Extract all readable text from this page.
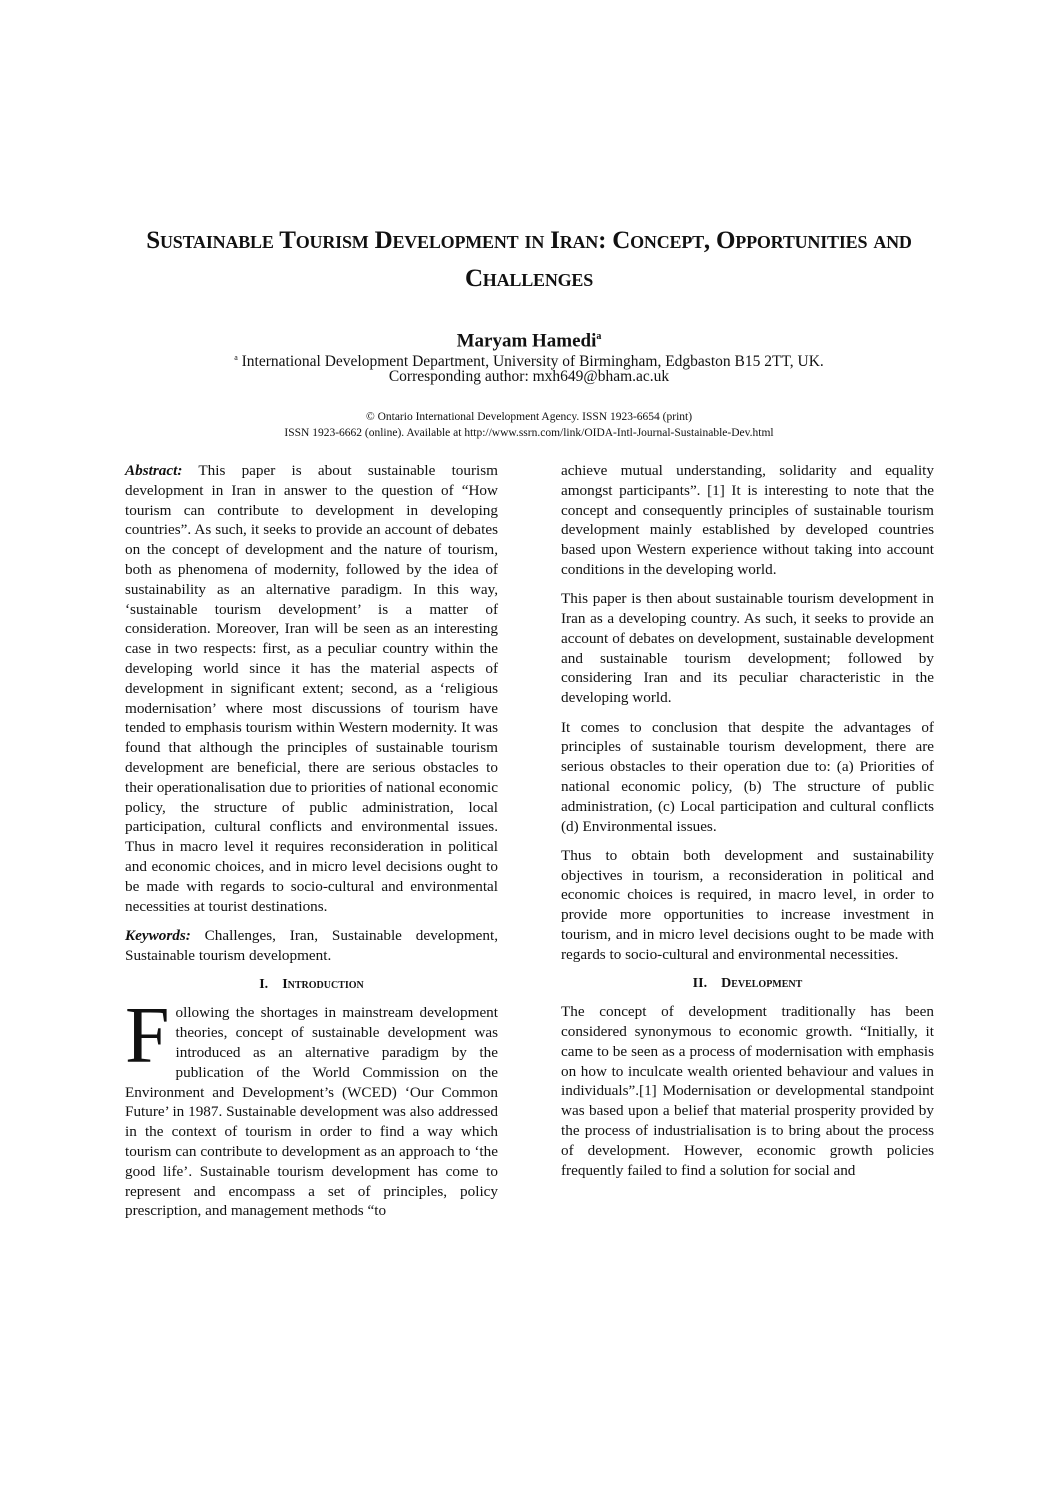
Sustainable Tourism Development in Iran: Concept, Opportunities and Challenges
Maryam Hamedi$^a$
$^a$ International Development Department, University of Birmingham, Edgbaston B15 2TT, UK.
Corresponding author: mxh649@bham.ac.uk
© Ontario International Development Agency. ISSN 1923-6654 (print)
ISSN 1923-6662 (online). Available at http://www.ssrn.com/link/OIDA-Intl-Journal-Sustainable-Dev.html

Abstract: This paper is about sustainable tourism development in Iran in answer to the question of “How tourism can contribute to development in developing countries”. As such, it seeks to provide an account of debates on the concept of development and the nature of tourism, both as phenomena of modernity, followed by the idea of sustainability as an alternative paradigm. In this way, ‘sustainable tourism development’ is a matter of consideration. Moreover, Iran will be seen as an interesting case in two respects: first, as a peculiar country within the developing world since it has the material aspects of development in significant extent; second, as a ‘religious modernisation’ where most discussions of tourism have tended to emphasis tourism within Western modernity. It was found that although the principles of sustainable tourism development are beneficial, there are serious obstacles to their operationalisation due to priorities of national economic policy, the structure of public administration, local participation, cultural conflicts and environmental issues. Thus in macro level it requires reconsideration in political and economic choices, and in micro level decisions ought to be made with regards to socio-cultural and environmental necessities at tourist destinations.

Keywords: Challenges, Iran, Sustainable development, Sustainable tourism development.

I. Introduction

Following the shortages in mainstream development theories, concept of sustainable development was introduced as an alternative paradigm by the publication of the World Commission on the Environment and Development’s (WCED) ‘Our Common Future’ in 1987. Sustainable development was also addressed in the context of tourism in order to find a way which tourism can contribute to development as an approach to ‘the good life’. Sustainable tourism development has come to represent and encompass a set of principles, policy prescription, and management methods “to

achieve mutual understanding, solidarity and equality amongst participants”. [1] It is interesting to note that the concept and consequently principles of sustainable tourism development mainly established by developed countries based upon Western experience without taking into account conditions in the developing world.

This paper is then about sustainable tourism development in Iran as a developing country. As such, it seeks to provide an account of debates on development, sustainable development and sustainable tourism development; followed by considering Iran and its peculiar characteristic in the developing world.

It comes to conclusion that despite the advantages of principles of sustainable tourism development, there are serious obstacles to their operation due to: (a) Priorities of national economic policy, (b) The structure of public administration, (c) Local participation and cultural conflicts (d) Environmental issues.

Thus to obtain both development and sustainability objectives in tourism, a reconsideration in political and economic choices is required, in macro level, in order to provide more opportunities to increase investment in tourism, and in micro level decisions ought to be made with regards to socio-cultural and environmental necessities.

II. Development

The concept of development traditionally has been considered synonymous to economic growth. “Initially, it came to be seen as a process of modernisation with emphasis on how to inculcate wealth oriented behaviour and values in individuals”.[1] Modernisation or developmental standpoint was based upon a belief that material prosperity provided by the process of industrialisation is to bring about the process of development. However, economic growth policies frequently failed to find a solution for social and
